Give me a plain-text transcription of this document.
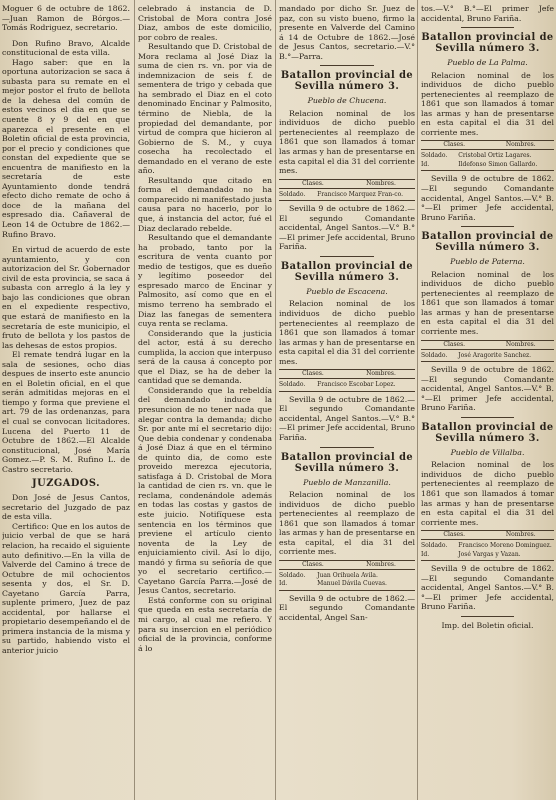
Moguer 6 de octubre de 1862.—Juan Ramon de Bórgos.—Tomás Rodriguez, secretario.

Don Rufino Bravo, Alcalde constitucional de esta villa.

Hago saber: que en la oportuna autorizacion se saca á subasta para su remate en el mejor postor el fruto de bellota de la dehesa del común de estos vecinos el dia en que se cuente 8 y 9 del en que aparezca el presente en el Boletin oficial de esta provincia, por el precio y condiciones que constan del expediente que se encuentra de manifiesto en la secretaría de este Ayuntamiento donde tendrá efecto dicho remate de ocho á doce de la mañana del espresado dia. Cañaveral de Leon 14 de Octubre de 1862.—Rufino Bravo.

En virtud de acuerdo de este ayuntamiento, y con autorizacion del Sr. Gobernador civil de esta provincia, se saca á subasta con arreglo á la ley y bajo las condiciones que obran en el expediente respectivo, que estará de manifiesto en la secretaría de este municipio, el fruto de bellota y los pastos de las dehesas de estos propios.

El remate tendrá lugar en la sala de sesiones, ocho dias despues de inserto este anuncio en el Boletin oficial, en el que serán admitidas mejoras en el tiempo y forma que previene el art. 79 de las ordenanzas, para el cual se convocan licitadores. Lucena del Puerto 11 de Octubre de 1862.—El Alcalde constitucional, José María Gomez.—P. S. M. Rufino L. de Castro secretario.

JUZGADOS.

Don José de Jesus Cantos, secretario del Juzgado de paz de esta villa.

Certifico: Que en los autos de juicio verbal de que se hará relacion, ha recaido el siguiente auto definitivo.—En la villa de Valverde del Camino á trece de Octubre de mil ochocientos sesenta y dos, el Sr. D. Cayetano García Parra, suplente primero, Juez de paz accidental, por hallarse el propietario desempeñando el de primera instancia de la misma y su partido, habiendo visto el anterior juicio

celebrado á instancia de D. Cristobal de Mora contra José Diaz, ambos de este domicilio, por cobro de reales.

Resultando que D. Cristobal de Mora reclama al José Diaz la suma de cien rs. vn. por via de indemnizacion de seis f. de sementera de trigo y cebada que ha sembrado el Diaz en el coto denominado Encinar y Palmosito, término de Niebla, de la propiedad del demandante, por virtud de compra que hicieron al Gobierno de S. M., y cuya cosecha ha recolectado el demandado en el verano de este año.

Resultando que citado en forma el demandado no ha comparecido ni manifestado justa causa para no hacerlo, por lo que, á instancia del actor, fué el Diaz declarado rebelde.

Resultando que el demandante ha probado, tanto por la escritura de venta cuanto por medio de testigos, que es dueño y legítimo poseedor del espresado marco de Encinar y Palmosito, así como que en el mismo terreno ha sembrado el Diaz las fanegas de sementera cuya renta se reclama.

Considerando que la justicia del actor, está á su derecho cumplida, la accion que interpuso será de la causa á concepto por que el Diaz, se ha de deber la cantidad que se demanda.

Considerando que la rebeldía del demandado induce la presuncion de no tener nada que alegar contra la demanda; dicho Sr. por ante mí el secretario dijo: Que debia condenar y condenaba á José Diaz á que en el término de quinto dia, de como este proveido merezca ejecutoria, satisfaga á D. Cristobal de Mora la cantidad de cien rs. vn. que le reclama, condenándole además en todas las costas y gastos de este juicio. Notifíquese esta sentencia en los términos que previene el artículo ciento noventa de la Ley de enjuiciamiento civil. Así lo dijo, mandó y firma su señoría de que yo el secretario certifico.—Cayetano García Parra.—José de Jesus Cantos, secretario.

Está conforme con su original que queda en esta secretaría de mi cargo, al cual me refiero. Y para su insercion en el periódico oficial de la provincia, conforme á lo

mandado por dicho Sr. Juez de paz, con su visto bueno, firmo la presente en Valverde del Camino á 14 de Octubre de 1862.—José de Jesus Cantos, secretario.—V.° B.°—Parra.

Batallon provincial de Sevilla número 3.
Pueblo de Chucena.

Relacion nominal de los individuos de dicho pueblo pertenecientes al reemplazo de 1861 que son llamados á tomar las armas y han de presentarse en esta capital el dia 31 del corriente mes.

Clases.	Nombres.
Soldado.	Francisco Marquez Fran-co.

Sevilla 9 de octubre de 1862.—El segundo Comandante accidental, Angel Santos.—V.° B.°—El primer Jefe accidental, Bruno Fariña.

Batallon provincial de Sevilla número 3.
Pueblo de Escacena.

Relacion nominal de los individuos de dicho pueblo pertenecientes al reemplazo de 1861 que son llamados á tomar las armas y han de presentarse en esta capital el dia 31 del corriente mes.

Clases.	Nombres.
Soldado.	Francisco Escobar Lopez.

Sevilla 9 de octubre de 1862.—El segundo Comandante accidental, Angel Santos.—V.° B.°—El primer Jefe accidental, Bruno Fariña.

Batallon provincial de Sevilla número 3.
Pueblo de Manzanilla.

Relacion nominal de los individuos de dicho pueblo pertenecientes al reemplazo de 1861 que son llamados á tomar las armas y han de presentarse en esta capital, el dia 31 del corriente mes.

Clases.	Nombres.
Soldado.	Juan Orihuela Avila.
Id.	Manuel Dávila Cuevas.

Sevilla 9 de octubre de 1862.—El segundo Comandante accidental, Angel San-

tos.—V.° B.°—El primer Jefe accidental, Bruno Fariña.

Batallon provincial de Sevilla número 3.
Pueblo de La Palma.

Relacion nominal de los individuos de dicho pueblo pertenecientes al reemplazo de 1861 que son llamados á tomar las armas y han de presentarse en esta capital el dia 31 del corriente mes.

Clases.	Nombres.
Soldado.	Cristobal Ortiz Lagares.
Id.	Ildefonso Simon Gallardo.

Sevilla 9 de octubre de 1862.—El segundo Comandante accidental, Angel Santos.—V.° B.°—El primer Jefe accidental, Bruno Fariña.

Batallon provincial de Sevilla número 3.
Pueblo de Paterna.

Relacion nominal de los individuos de dicho pueblo pertenecientes al reemplazo de 1861 que son llamados á tomar las armas y han de presentarse en esta capital el dia 31 del corriente mes.

Clases.	Nombres.
Soldado.	José Aragorite Sanchez.

Sevilla 9 de octubre de 1862.—El segundo Comandante accidental, Angel Santos.—V.° B.°—El primer Jefe accidental, Bruno Fariña.

Batallon provincial de Sevilla número 3.
Pueblo de Villalba.

Relacion nominal de los individuos de dicho pueblo pertenecientes al reemplazo de 1861 que son llamados á tomar las armas y han de presentarse en esta capital el dia 31 del corriente mes.

Clases.	Nombres.
Soldado.	Francisco Moreno Dominguez.
Id.	José Vargas y Vazan.

Sevilla 9 de octubre de 1862.—El segundo Comandante accidental, Angel Santos.—V.° B.°—El primer Jefe accidental, Bruno Fariña.

Imp. del Boletin oficial.
